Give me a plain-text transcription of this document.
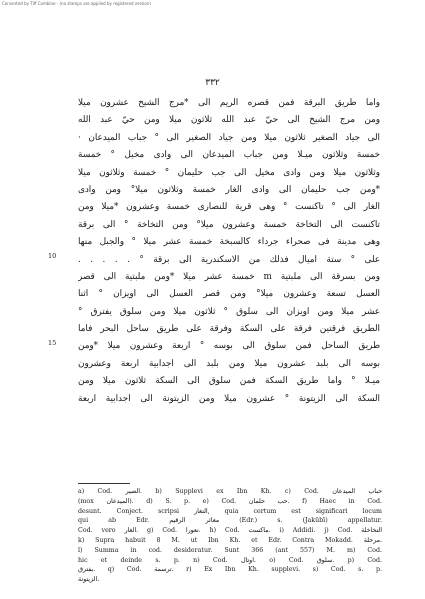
Converted by Tiff Combine - (no stamps are applied by registered version)
٣٣٢
واما طريق البرقة فمن قصره الريم الى *مرج الشيخ عشرون ميلا
ومن مرج الشيخ الى حيّ عبد الله ثلاثون ميلا ومن حيّ عبد الله
الى جياد الصغير ثلاثون ميلا ومن جياد الصغير الى ° جباب الميدعان ·
خمسة وثلاثون ميـلا ومن جباب الميدعان الى وادى مخيل ° خمسة
وثلاثون ميلا ومن وادى مخيل الى جب حليمان ° خمسة وثلاثون ميلا
*ومن جب حليمان الى وادى الغار خمسة وثلاثون ميلا° ومن وادى
الغار الى ° تاكنست ° وهى قرية للنصارى خمسة وعشرون *ميلا ومن
تاكنست الى التخاخة خمسة وعشرون ميلا° ومن التخاخة ° الى برقة
وهى مدينة فى صحراء جرداء كالسبخة خمسة عشر ميلا ° والجبل منها
على ° ستة اميال فذلك من الاسكندرية الى برقة ° . . . . .
ومن بسرقة الى ملبتية m خمسة عشر ميلا *ومن ملبتية الى قصر
العسل تسعة وعشرون ميلا° ومن قصر العسل الى اويزان ° اثنا
عشر ميلا ومن اويزان الى سلوق ° ثلاثون ميلا ومن سلوق يفترق °
الطريق فرقتين فرقة على السكة وفرقة على طريق ساحل البحر فاما
طريق الساحل فمن سلوق الى بوسه ° اربعة وعشرون ميلا *ومن
بوسه الى بلبد عشرون ميلا ومن بلبد الى اجدابية اربعة وعشرون
ميـلا ° واما طريق السكة فمن سلوق الى السكة ثلاثون ميلا ومن
السكة الى الزيتونة ° عشرون ميلا ومن الزيتونة الى اجدابية اربعة
10
15
a) Cod. الصير. b) Supplevi ex Ibn Kh. c) Cod. حباب الميدعان
(mox الميدعان). d) S. p. e) Cod. حب حلمان. f) Haec in Cod.
desunt. Conject. scripsi التغار, quia certum est significari locum
qui ab Edr. مغائر الرقيم (Edr.) s. (Jakūbī) appellatur.
Cod. vero الغار. g) Cod. نعورا. h) Cod. ماكست. i) Addidi. j) Cod. التخاخلة
k) Supra habuit 8 M. ut Ibn Kh. et Edr. Contra Mokadd. مرحلة.
l) Summa in cod. desideratur. Sunt 366 (ant 557) M. m) Cod.
hic et deinde s. p. n) Cod. اوتال. o) Cod. سلوق. p) Cod.
يفترق. q) Cod. ترسمة. r) Ex Ibn Kh. supplevi. s) Cod. s. p.
الزيتونة.
